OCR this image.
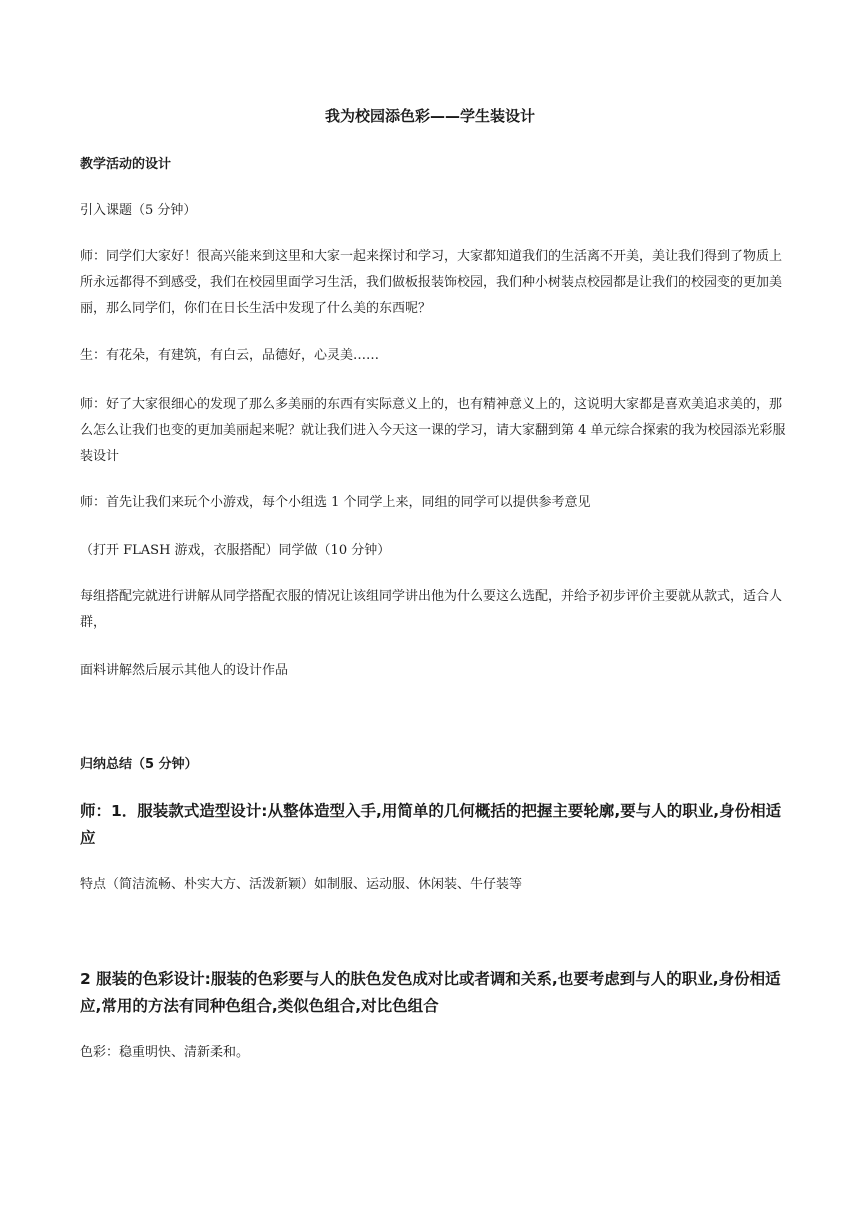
我为校园添色彩——学生装设计
教学活动的设计

引入课题（5 分钟）

师：同学们大家好！很高兴能来到这里和大家一起来探讨和学习，大家都知道我们的生活离不开美，美让我们得到了物质上所永远都得不到感受，我们在校园里面学习生活，我们做板报装饰校园，我们种小树装点校园都是让我们的校园变的更加美丽，那么同学们，你们在日长生活中发现了什么美的东西呢？

生：有花朵，有建筑，有白云，品德好，心灵美……

师：好了大家很细心的发现了那么多美丽的东西有实际意义上的，也有精神意义上的，这说明大家都是喜欢美追求美的，那么怎么让我们也变的更加美丽起来呢？就让我们进入今天这一课的学习，请大家翻到第 4 单元综合探索的我为校园添光彩服装设计

师：首先让我们来玩个小游戏，每个小组选 1 个同学上来，同组的同学可以提供参考意见

（打开 FLASH 游戏，衣服搭配）同学做（10 分钟）

每组搭配完就进行讲解从同学搭配衣服的情况让该组同学讲出他为什么要这么选配，并给予初步评价主要就从款式，适合人群，

面料讲解然后展示其他人的设计作品

归纳总结（5 分钟）

师：1．服装款式造型设计:从整体造型入手,用简单的几何概括的把握主要轮廓,要与人的职业,身份相适应

特点（简洁流畅、朴实大方、活泼新颖）如制服、运动服、休闲装、牛仔装等

2 服装的色彩设计:服装的色彩要与人的肤色发色成对比或者调和关系,也要考虑到与人的职业,身份相适应,常用的方法有同种色组合,类似色组合,对比色组合

色彩：稳重明快、清新柔和。
